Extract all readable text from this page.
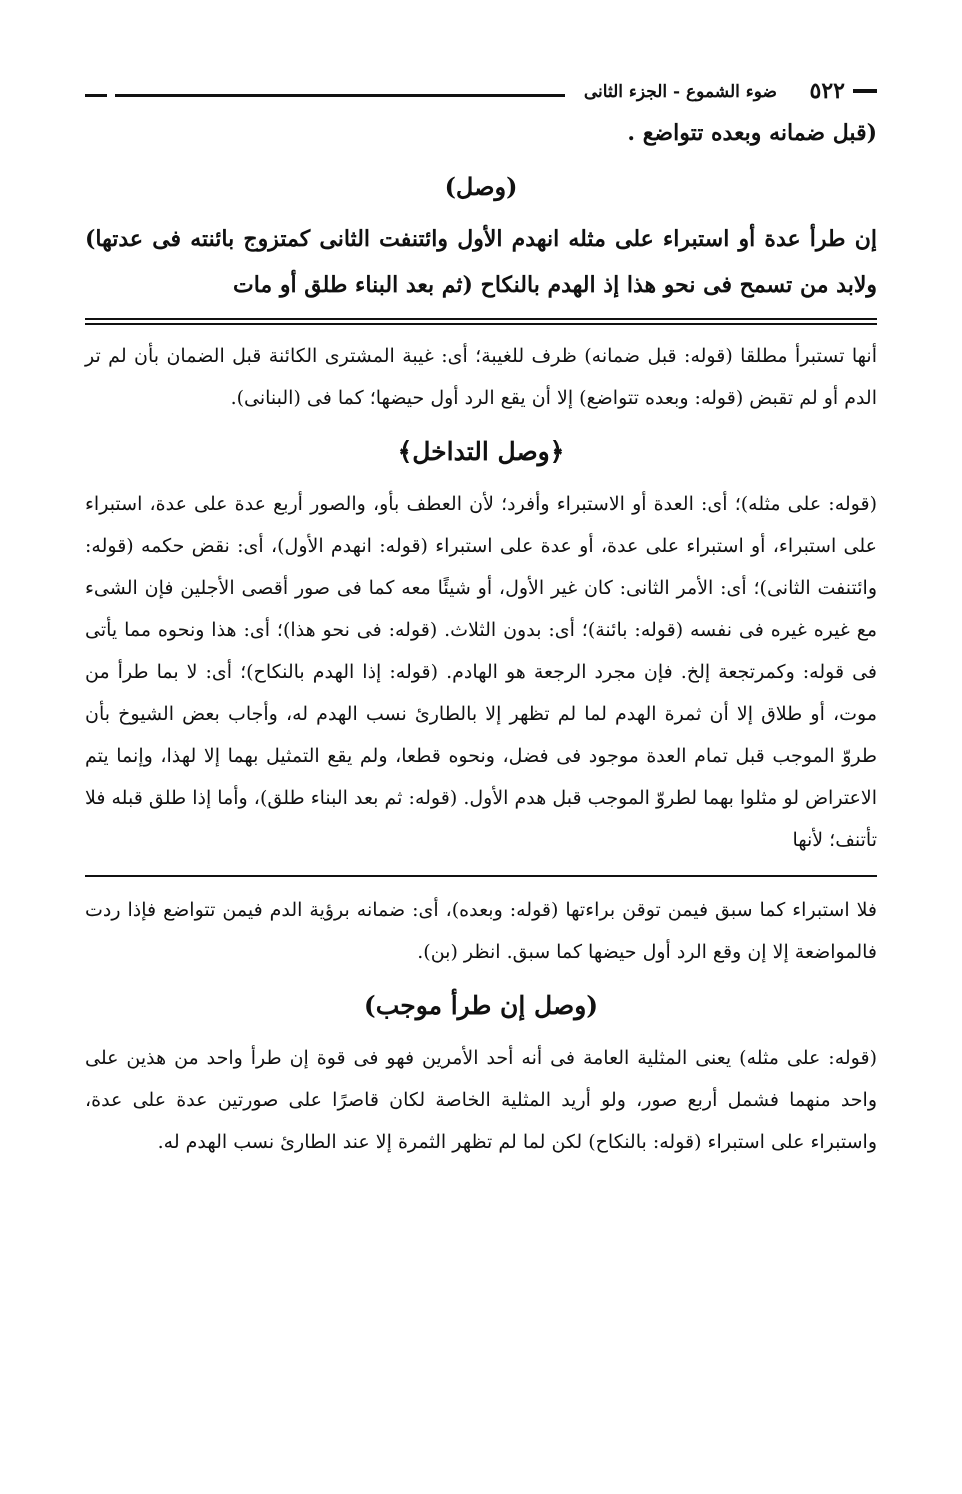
٥٢٢
ضوء الشموع - الجزء الثانى

(قبل ضمانه وبعده تتواضع .

(وصل)

إن طرأ عدة أو استبراء على مثله انهدم الأول وائتنفت الثانى كمتزوج بائنته فى عدتها) ولابد من تسمح فى نحو هذا إذ الهدم بالنكاح (ثم بعد البناء طلق أو مات

أنها تستبرأ مطلقا (قوله: قبل ضمانه) ظرف للغيبة؛ أى: غيبة المشترى الكائنة قبل الضمان بأن لم تر الدم أو لم تقبض (قوله: وبعده تتواضع) إلا أن يقع الرد أول حيضها؛ كما فى (البنانى).

﴿وصل التداخل﴾

(قوله: على مثله)؛ أى: العدة أو الاستبراء وأفرد؛ لأن العطف بأو، والصور أربع عدة على عدة، استبراء على استبراء، أو استبراء على عدة، أو عدة على استبراء (قوله: انهدم الأول)، أى: نقض حكمه (قوله: وائتنفت الثانى)؛ أى: الأمر الثانى: كان غير الأول، أو شيئًا معه كما فى صور أقصى الأجلين فإن الشىء مع غيره غيره فى نفسه (قوله: بائنة)؛ أى: بدون الثلاث. (قوله: فى نحو هذا)؛ أى: هذا ونحوه مما يأتى فى قوله: وكمرتجعة إلخ. فإن مجرد الرجعة هو الهادم. (قوله: إذا الهدم بالنكاح)؛ أى: لا بما طرأ من موت، أو طلاق إلا أن ثمرة الهدم لما لم تظهر إلا بالطارئ نسب الهدم له، وأجاب بعض الشيوخ بأن طروّ الموجب قبل تمام العدة موجود فى فضل، ونحوه قطعا، ولم يقع التمثيل بهما إلا لهذا، وإنما يتم الاعتراض لو مثلوا بهما لطروّ الموجب قبل هدم الأول. (قوله: ثم بعد البناء طلق)، وأما إذا طلق قبله فلا تأتنف؛ لأنها

فلا استبراء كما سبق فيمن توقن براءتها (قوله: وبعده)، أى: ضمانه برؤية الدم فيمن تتواضع فإذا ردت فالمواضعة إلا إن وقع الرد أول حيضها كما سبق. انظر (بن).

(وصل إن طرأ موجب)

(قوله: على مثله) يعنى المثلية العامة فى أنه أحد الأمرين فهو فى قوة إن طرأ واحد من هذين على واحد منهما فشمل أربع صور، ولو أريد المثلية الخاصة لكان قاصرًا على صورتين عدة على عدة، واستبراء على استبراء (قوله: بالنكاح) لكن لما لم تظهر الثمرة إلا عند الطارئ نسب الهدم له.
